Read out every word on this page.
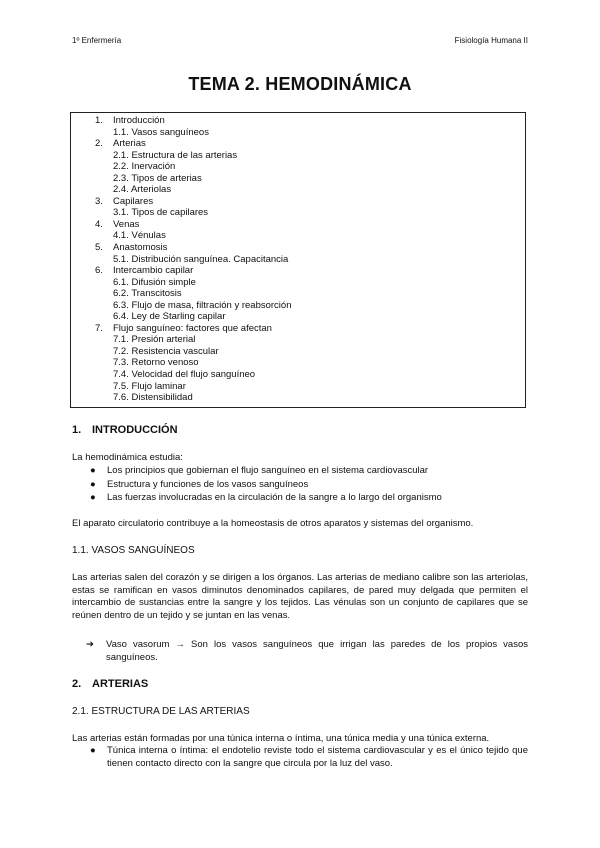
1º Enfermería	Fisiología Humana II
TEMA 2. HEMODINÁMICA
1.	Introducción
1.1. Vasos sanguíneos
2.	Arterias
2.1. Estructura de las arterias
2.2. Inervación
2.3. Tipos de arterias
2.4. Arteriolas
3.	Capilares
3.1. Tipos de capilares
4.	Venas
4.1. Vénulas
5.	Anastomosis
5.1. Distribución sanguínea. Capacitancia
6.	Intercambio capilar
6.1. Difusión simple
6.2. Transcitosis
6.3. Flujo de masa, filtración y reabsorción
6.4. Ley de Starling capilar
7.	Flujo sanguíneo: factores que afectan
7.1. Presión arterial
7.2. Resistencia vascular
7.3. Retorno venoso
7.4. Velocidad del flujo sanguíneo
7.5. Flujo laminar
7.6. Distensibilidad
1. INTRODUCCIÓN
La hemodinámica estudia:
● Los principios que gobiernan el flujo sanguíneo en el sistema cardiovascular
● Estructura y funciones de los vasos sanguíneos
● Las fuerzas involucradas en la circulación de la sangre a lo largo del organismo
El aparato circulatorio contribuye a la homeostasis de otros aparatos y sistemas del organismo.
1.1. VASOS SANGUÍNEOS
Las arterias salen del corazón y se dirigen a los órganos. Las arterias de mediano calibre son las arteriolas, estas se ramifican en vasos diminutos denominados capilares, de pared muy delgada que permiten el intercambio de sustancias entre la sangre y los tejidos. Las vénulas son un conjunto de capilares que se reúnen dentro de un tejido y se juntan en las venas.
➔	Vaso vasorum → Son los vasos sanguíneos que irrigan las paredes de los propios vasos sanguíneos.
2. ARTERIAS
2.1. ESTRUCTURA DE LAS ARTERIAS
Las arterias están formadas por una túnica interna o íntima, una túnica media y una túnica externa.
●	Túnica interna o íntima: el endotelio reviste todo el sistema cardiovascular y es el único tejido que tienen contacto directo con la sangre que circula por la luz del vaso.
